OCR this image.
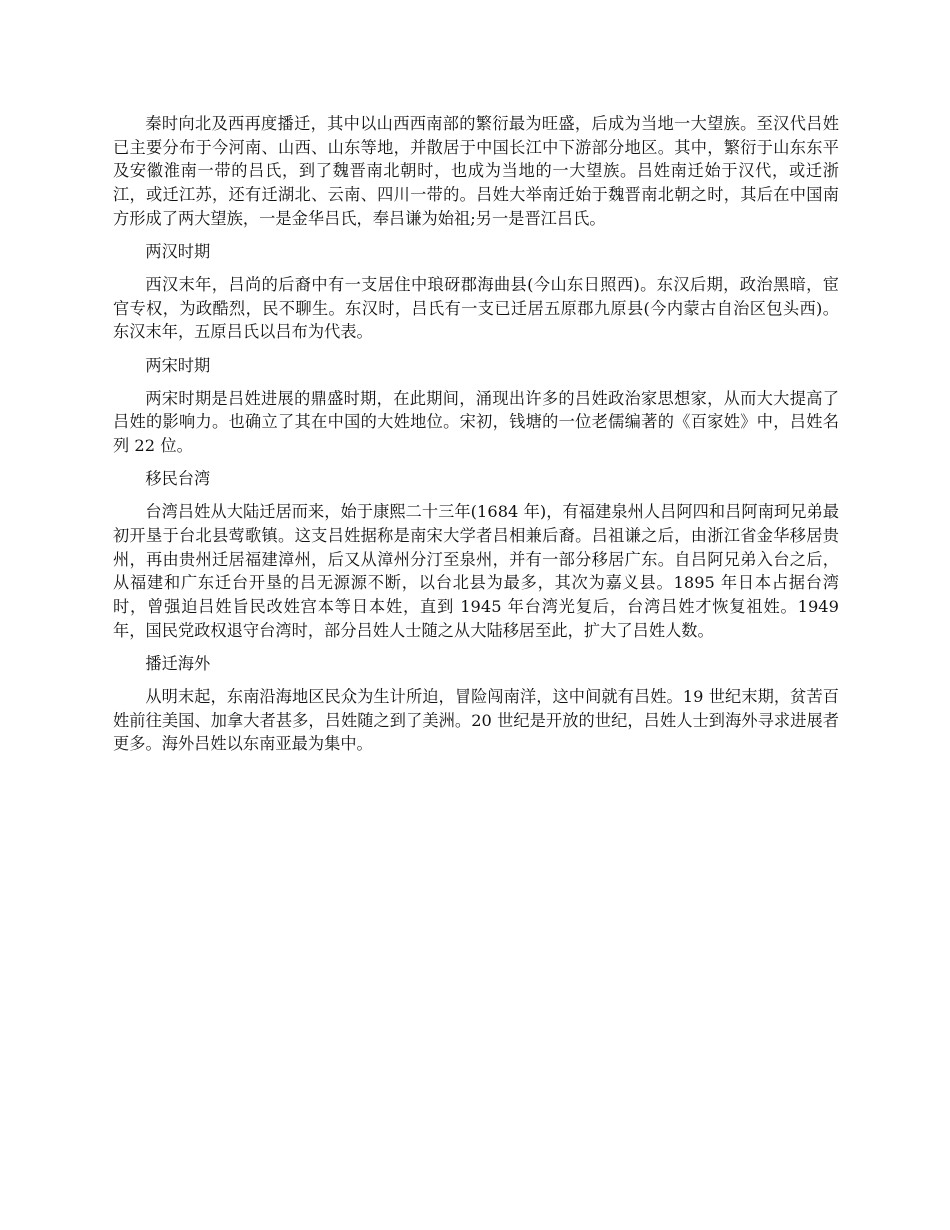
秦时向北及西再度播迁，其中以山西西南部的繁衍最为旺盛，后成为当地一大望族。至汉代吕姓已主要分布于今河南、山西、山东等地，并散居于中国长江中下游部分地区。其中，繁衍于山东东平及安徽淮南一带的吕氏，到了魏晋南北朝时，也成为当地的一大望族。吕姓南迁始于汉代，或迁浙江，或迁江苏，还有迁湖北、云南、四川一带的。吕姓大举南迁始于魏晋南北朝之时，其后在中国南方形成了两大望族，一是金华吕氏，奉吕谦为始祖;另一是晋江吕氏。

两汉时期

西汉末年，吕尚的后裔中有一支居住中琅砑郡海曲县(今山东日照西)。东汉后期，政治黑暗，宦官专权，为政酷烈，民不聊生。东汉时，吕氏有一支已迁居五原郡九原县(今内蒙古自治区包头西)。东汉末年，五原吕氏以吕布为代表。

两宋时期

两宋时期是吕姓进展的鼎盛时期，在此期间，涌现出许多的吕姓政治家思想家，从而大大提高了吕姓的影响力。也确立了其在中国的大姓地位。宋初，钱塘的一位老儒编著的《百家姓》中，吕姓名列 22 位。

移民台湾

台湾吕姓从大陆迁居而来，始于康熙二十三年(1684 年)，有福建泉州人吕阿四和吕阿南珂兄弟最初开垦于台北县莺歌镇。这支吕姓据称是南宋大学者吕相兼后裔。吕祖谦之后，由浙江省金华移居贵州，再由贵州迁居福建漳州，后又从漳州分汀至泉州，并有一部分移居广东。自吕阿兄弟入台之后，从福建和广东迁台开垦的吕无源源不断，以台北县为最多，其次为嘉义县。1895 年日本占据台湾时，曾强迫吕姓旨民改姓宫本等日本姓，直到 1945 年台湾光复后，台湾吕姓才恢复祖姓。1949 年，国民党政权退守台湾时，部分吕姓人士随之从大陆移居至此，扩大了吕姓人数。

播迁海外

从明末起，东南沿海地区民众为生计所迫，冒险闯南洋，这中间就有吕姓。19 世纪末期，贫苦百姓前往美国、加拿大者甚多，吕姓随之到了美洲。20 世纪是开放的世纪，吕姓人士到海外寻求进展者更多。海外吕姓以东南亚最为集中。
